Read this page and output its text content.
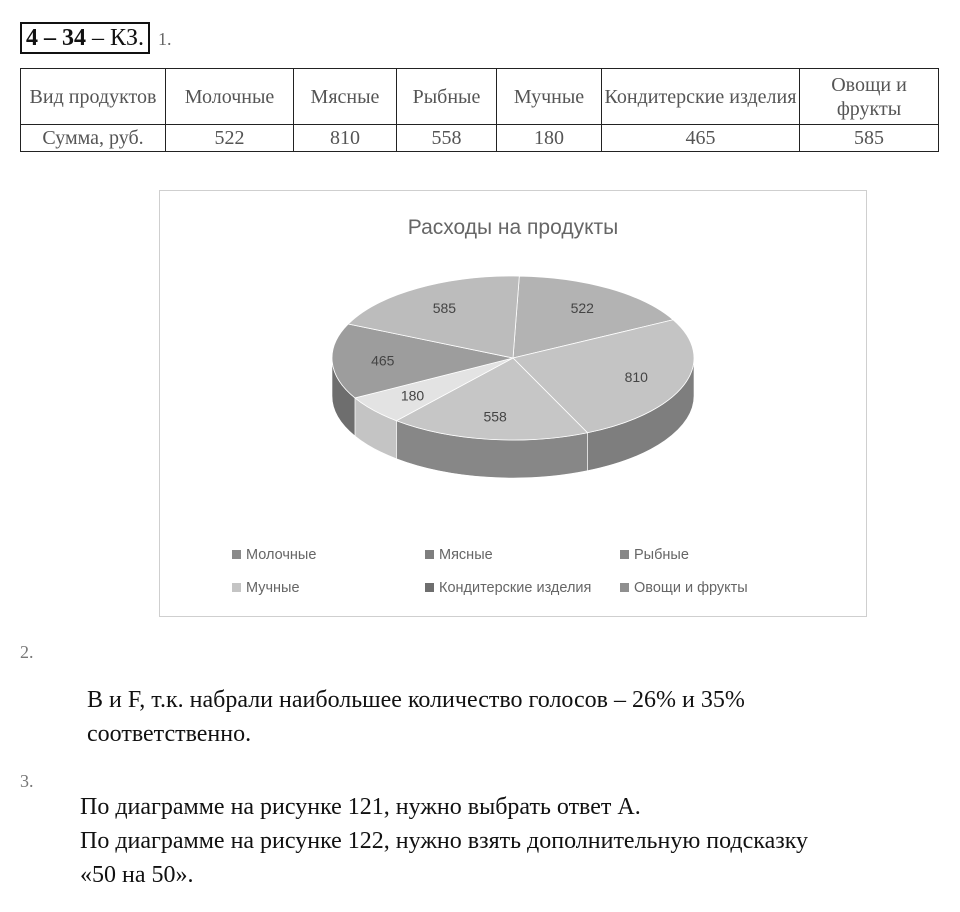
4 – 34 – КЗ. 1.
Вид продуктов	Молочные	Мясные	Рыбные	Мучные	Кондитерские изделия	Овощи и фрукты
Сумма, руб.	522	810	558	180	465	585
Расходы на продукты
522
810
558
180
465
585
Молочные	Мясные	Рыбные
Мучные	Кондитерские изделия	Овощи и фрукты
2.
B и F, т.к. набрали наибольшее количество голосов – 26% и 35%
соответственно.
3.
По диаграмме на рисунке 121, нужно выбрать ответ А.
По диаграмме на рисунке 122, нужно взять дополнительную подсказку
«50 на 50».
